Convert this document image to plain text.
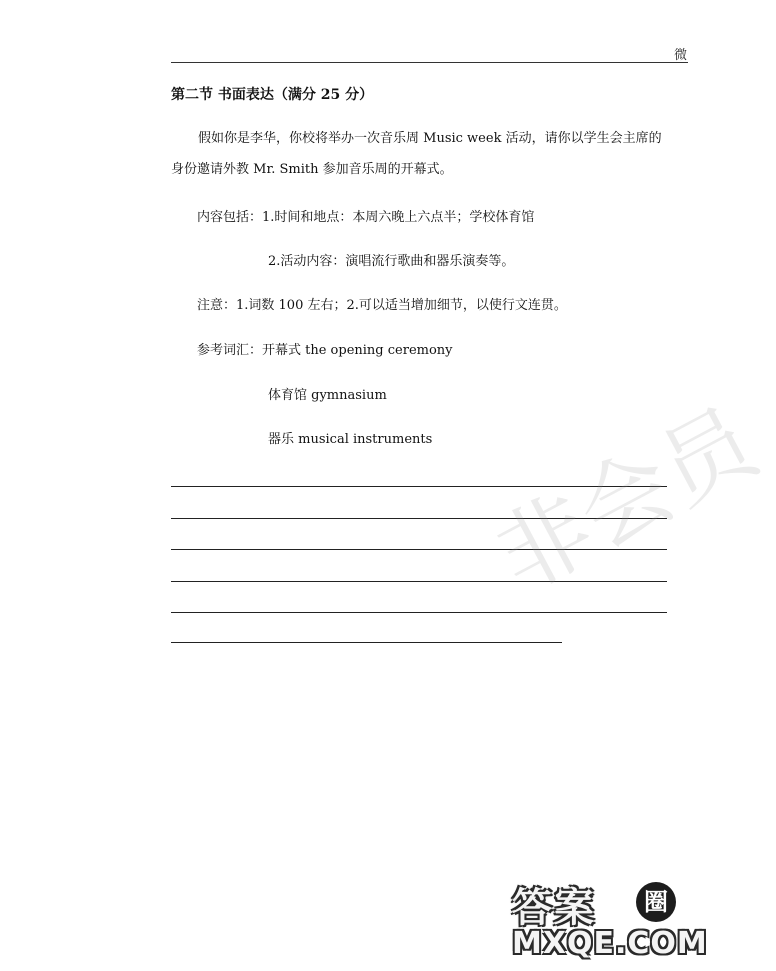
微
第二节 书面表达（满分 25 分）
假如你是李华，你校将举办一次音乐周 Music week 活动，请你以学生会主席的身份邀请外教 Mr. Smith 参加音乐周的开幕式。
内容包括：1.时间和地点：本周六晚上六点半；学校体育馆
2.活动内容：演唱流行歌曲和器乐演奏等。
注意：1.词数 100 左右；2.可以适当增加细节，以使行文连贯。
参考词汇：开幕式 the opening ceremony
体育馆 gymnasium
器乐 musical instruments 非会员
答案	圈
MXQE.COM
